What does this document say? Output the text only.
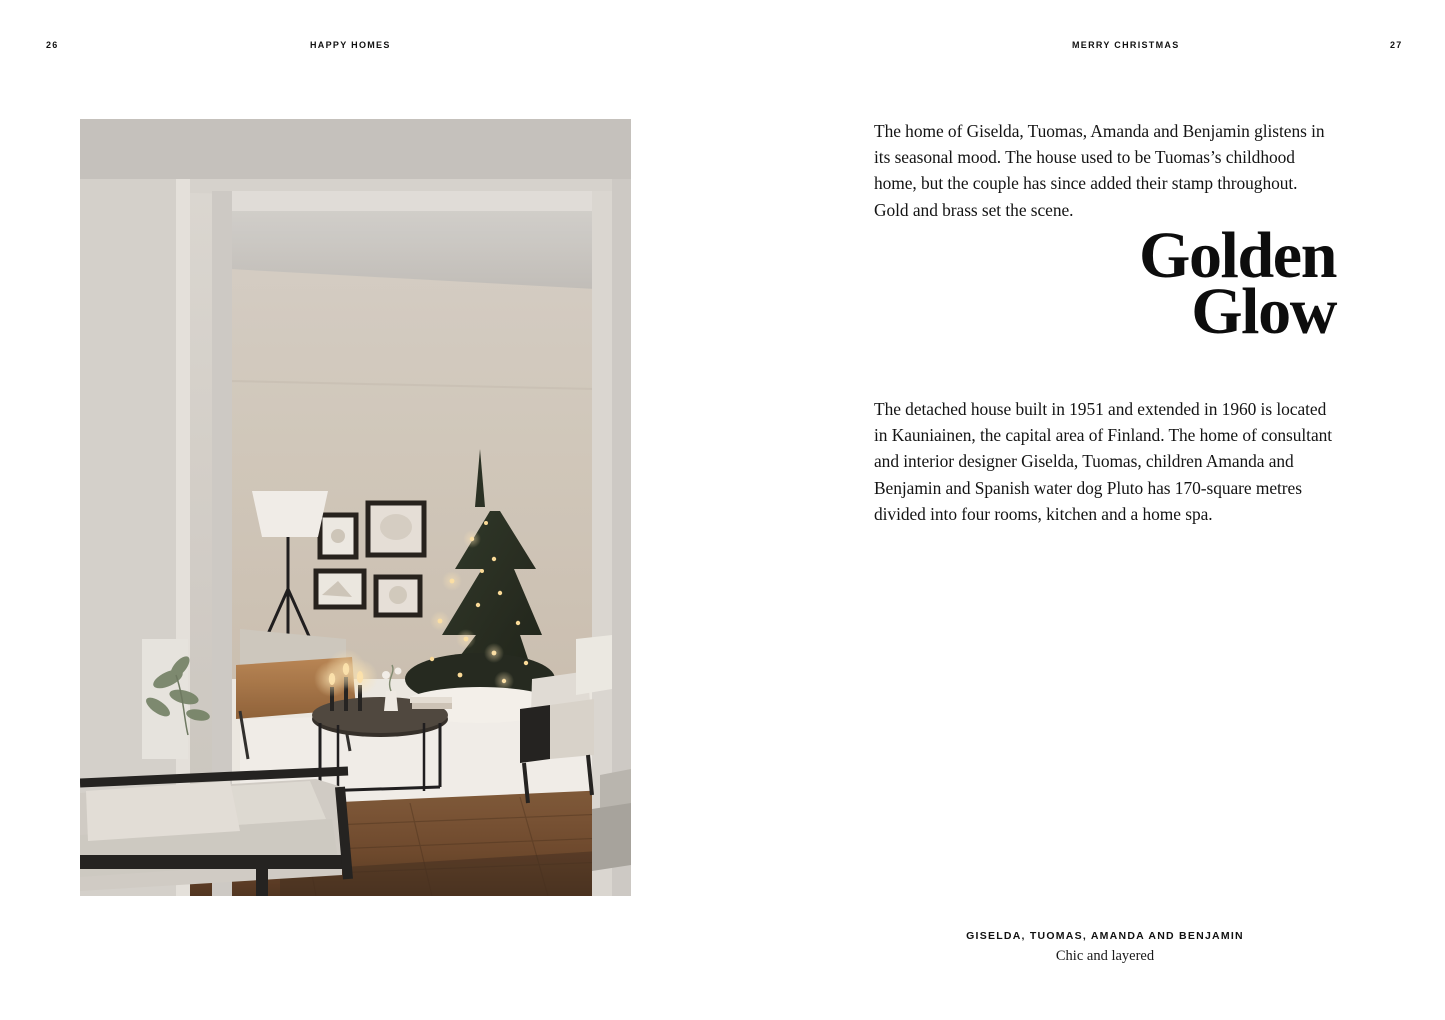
26	HAPPY HOMES	MERRY CHRISTMAS	27

The home of Giselda, Tuomas, Amanda and Benjamin glistens in its seasonal mood. The house used to be Tuomas’s childhood home, but the couple has since added their stamp throughout. Gold and brass set the scene.

Golden
Glow

The detached house built in 1951 and extended in 1960 is located in Kauniainen, the capital area of Finland. The home of consultant and interior designer Giselda, Tuomas, children Amanda and Benjamin and Spanish water dog Pluto has 170-square metres divided into four rooms, kitchen and a home spa.

GISELDA, TUOMAS, AMANDA AND BENJAMIN
Chic and layered
